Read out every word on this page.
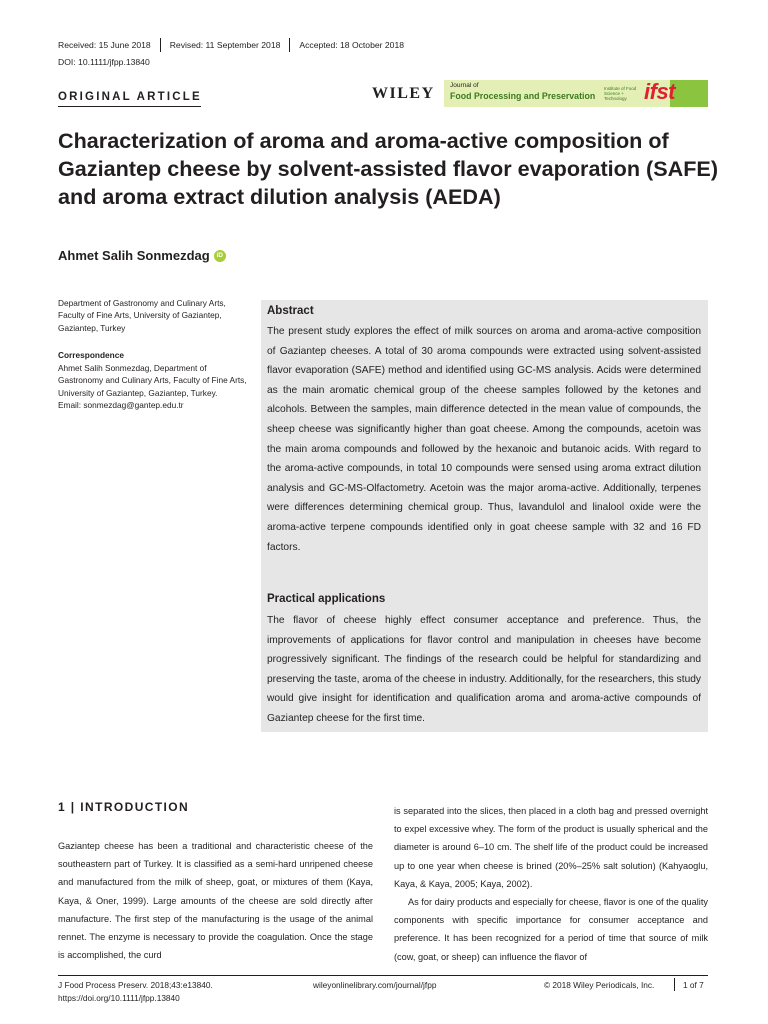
Received: 15 June 2018 Revised: 11 September 2018 Accepted: 18 October 2018
DOI: 10.1111/jfpp.13840
ORIGINAL ARTICLE	WILEY Journal of
Food Processing and Preservation
Institute of Food Science + Technology ifst
Characterization of aroma and aroma-active composition of Gaziantep cheese by solvent-assisted flavor evaporation (SAFE) and aroma extract dilution analysis (AEDA)
Ahmet Salih Sonmezdag	iD
Department of Gastronomy and Culinary Arts, Faculty of Fine Arts, University of Gaziantep, Gaziantep, Turkey
Correspondence
Ahmet Salih Sonmezdag, Department of Gastronomy and Culinary Arts, Faculty of Fine Arts, University of Gaziantep, Gaziantep, Turkey.
Email: sonmezdag@gantep.edu.tr
Abstract
The present study explores the effect of milk sources on aroma and aroma-active composition of Gaziantep cheeses. A total of 30 aroma compounds were extracted using solvent-assisted flavor evaporation (SAFE) method and identified using GC-MS analysis. Acids were determined as the main aromatic chemical group of the cheese samples followed by the ketones and alcohols. Between the samples, main difference detected in the mean value of compounds, the sheep cheese was significantly higher than goat cheese. Among the compounds, acetoin was the main aroma compounds and followed by the hexanoic and butanoic acids. With regard to the aroma-active compounds, in total 10 compounds were sensed using aroma extract dilution analysis and GC-MS-Olfactometry. Acetoin was the major aroma-active. Additionally, terpenes were differences determining chemical group. Thus, lavandulol and linalool oxide were the aroma-active terpene compounds identified only in goat cheese sample with 32 and 16 FD factors.
Practical applications
The flavor of cheese highly effect consumer acceptance and preference. Thus, the improvements of applications for flavor control and manipulation in cheeses have become progressively significant. The findings of the research could be helpful for standardizing and preserving the taste, aroma of the cheese in industry. Additionally, for the researchers, this study would give insight for identification and qualification aroma and aroma-active compounds of Gaziantep cheese for the first time.
1 | INTRODUCTION
Gaziantep cheese has been a traditional and characteristic cheese of the southeastern part of Turkey. It is classified as a semi-hard unripened cheese and manufactured from the milk of sheep, goat, or mixtures of them (Kaya, Kaya, & Oner, 1999). Large amounts of the cheese are sold directly after manufacture. The first step of the manufacturing is the usage of the animal rennet. The enzyme is necessary to provide the coagulation. Once the stage is accomplished, the curd

is separated into the slices, then placed in a cloth bag and pressed overnight to expel excessive whey. The form of the product is usually spherical and the diameter is around 6–10 cm. The shelf life of the product could be increased up to one year when cheese is brined (20%–25% salt solution) (Kahyaoglu, Kaya, & Kaya, 2005; Kaya, 2002).

As for dairy products and especially for cheese, flavor is one of the quality components with specific importance for consumer acceptance and preference. It has been recognized for a period of time that source of milk (cow, goat, or sheep) can influence the flavor of

J Food Process Preserv. 2018;43:e13840.
https://doi.org/10.1111/jfpp.13840
wileyonlinelibrary.com/journal/jfpp	© 2018 Wiley Periodicals, Inc.	1 of 7
